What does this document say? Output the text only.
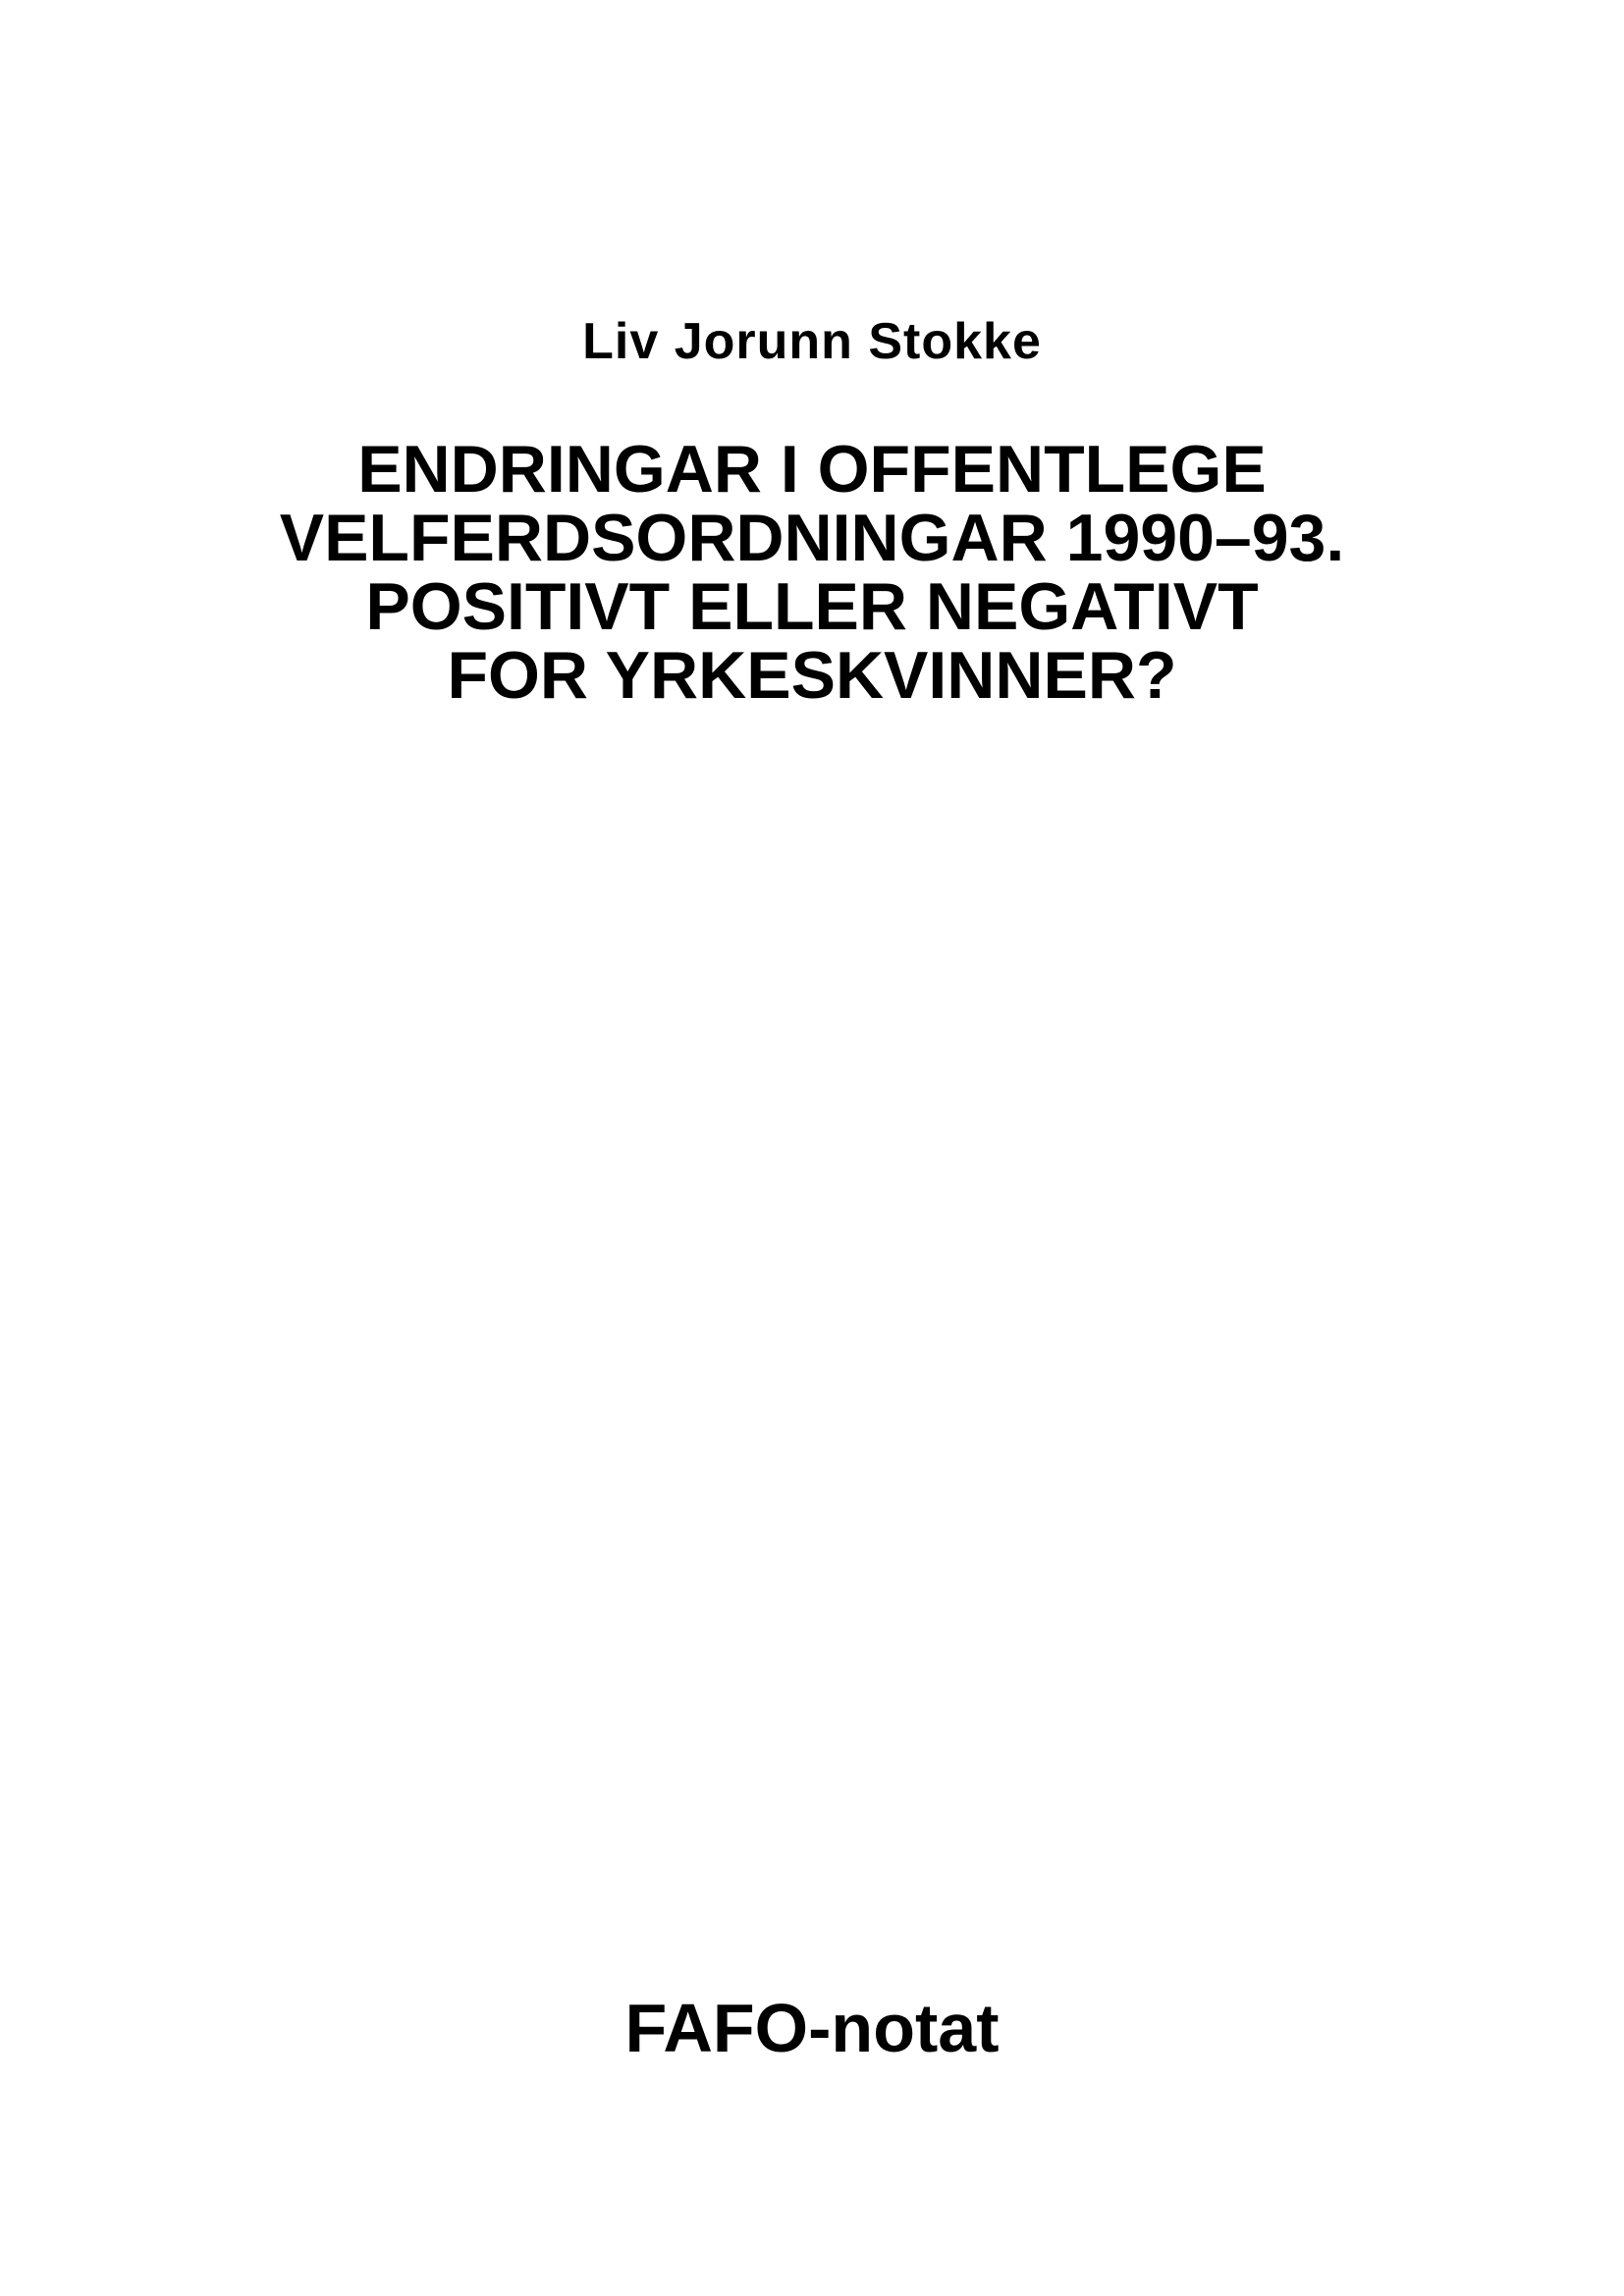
Liv Jorunn Stokke
ENDRINGAR I OFFENTLEGE
VELFERDSORDNINGAR 1990–93.
POSITIVT ELLER NEGATIVT
FOR YRKESKVINNER?
FAFO-notat
